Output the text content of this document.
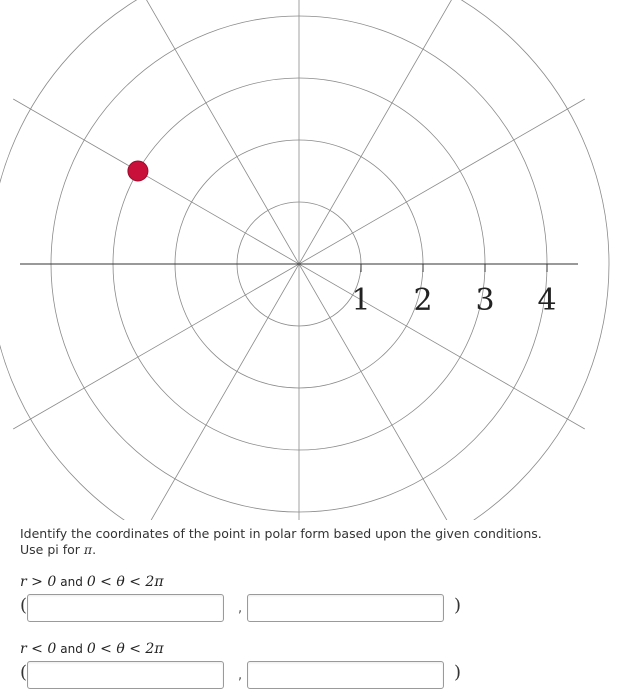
1 2 3 4
Identify the coordinates of the point in polar form based upon the given conditions.
Use pi for π.
r > 0 and 0 < θ < 2π
(	,	)
r < 0 and 0 < θ < 2π
(	,	)
